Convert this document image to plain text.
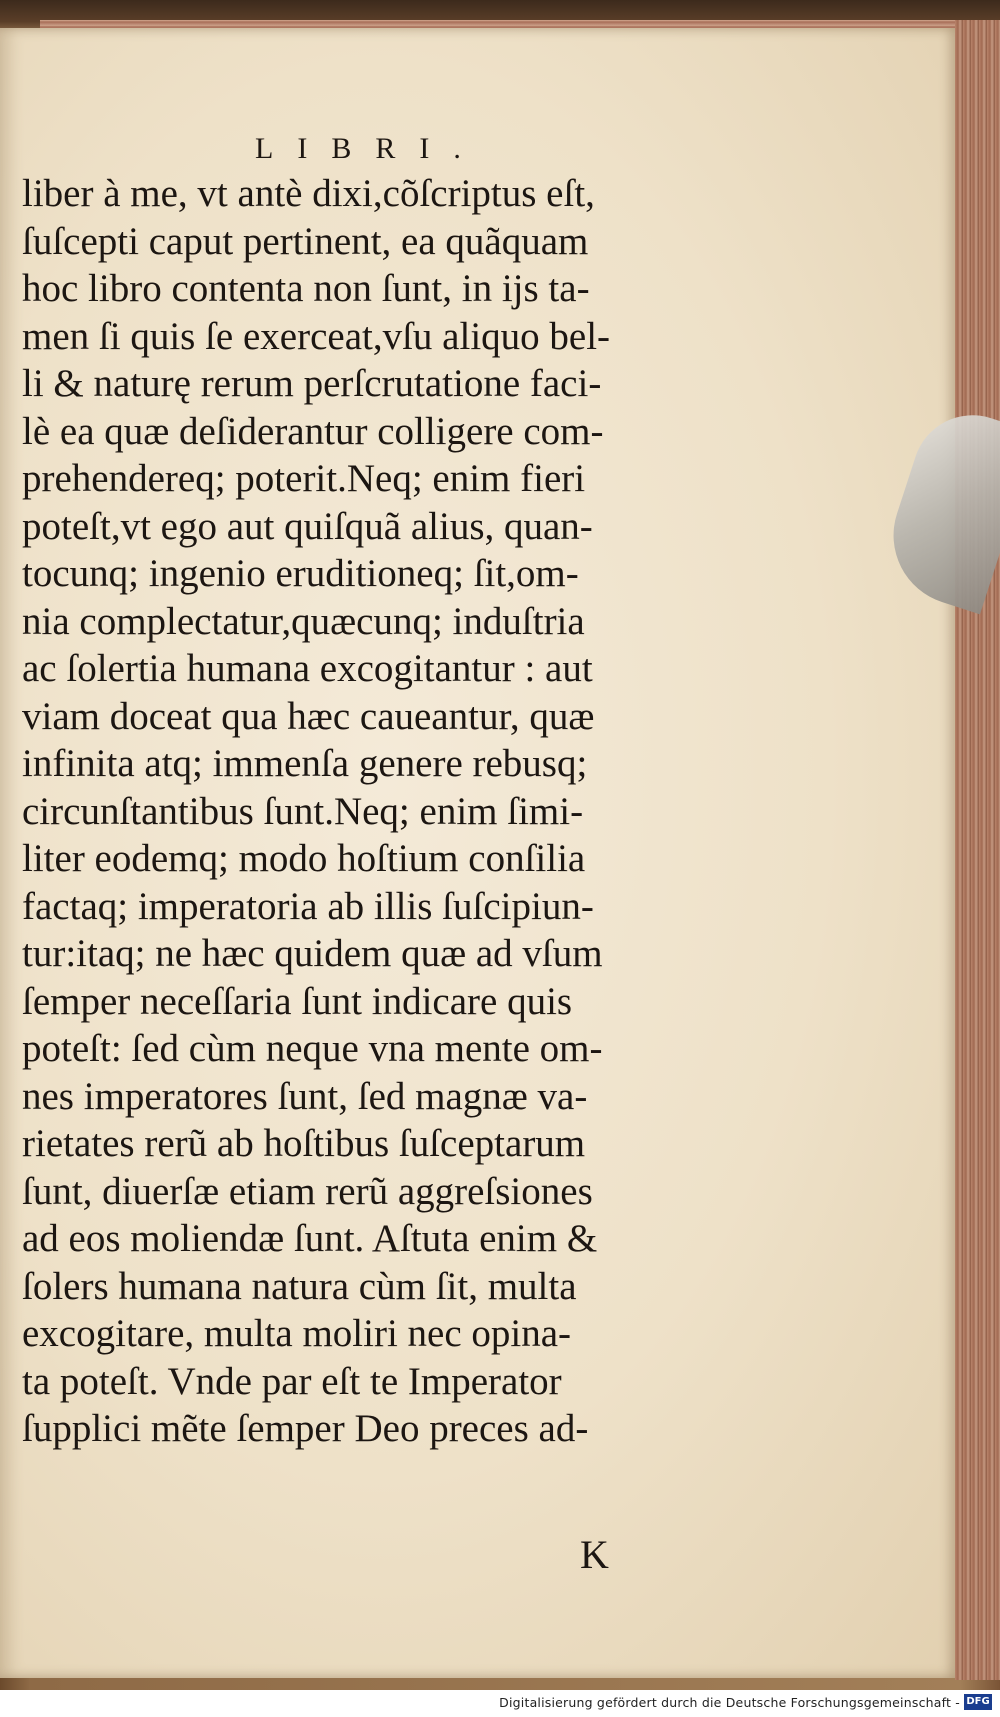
LIBRI.
liber à me, vt antè dixi,cõſcriptus eſt,
ſuſcepti caput pertinent, ea quãquam
hoc libro contenta non ſunt, in ijs ta-
men ſi quis ſe exerceat,vſu aliquo bel-
li & naturę rerum perſcrutatione faci-
lè ea quæ deſiderantur colligere com-
prehendereq; poterit.Neq; enim fieri
poteſt,vt ego aut quiſquã alius, quan-
tocunq; ingenio eruditioneq; ſit,om-
nia complectatur,quæcunq; induſtria
ac ſolertia humana excogitantur : aut
viam doceat qua hæc caueantur, quæ
infinita atq; immenſa genere rebusq;
circunſtantibus ſunt.Neq; enim ſimi-
liter eodemq; modo hoſtium conſilia
factaq; imperatoria ab illis ſuſcipiun-
tur:itaq; ne hæc quidem quæ ad vſum
ſemper neceſſaria ſunt indicare quis
poteſt: ſed cùm neque vna mente om-
nes imperatores ſunt, ſed magnæ va-
rietates rerũ ab hoſtibus ſuſceptarum
ſunt, diuerſæ etiam rerũ aggreſsiones
ad eos moliendæ ſunt. Aſtuta enim &
ſolers humana natura cùm ſit, multa
excogitare, multa moliri nec opina-
ta poteſt. Vnde par eſt te Imperator
ſupplici mẽte ſemper Deo preces ad-
K
Digitalisierung gefördert durch die Deutsche Forschungsgemeinschaft - DFG
